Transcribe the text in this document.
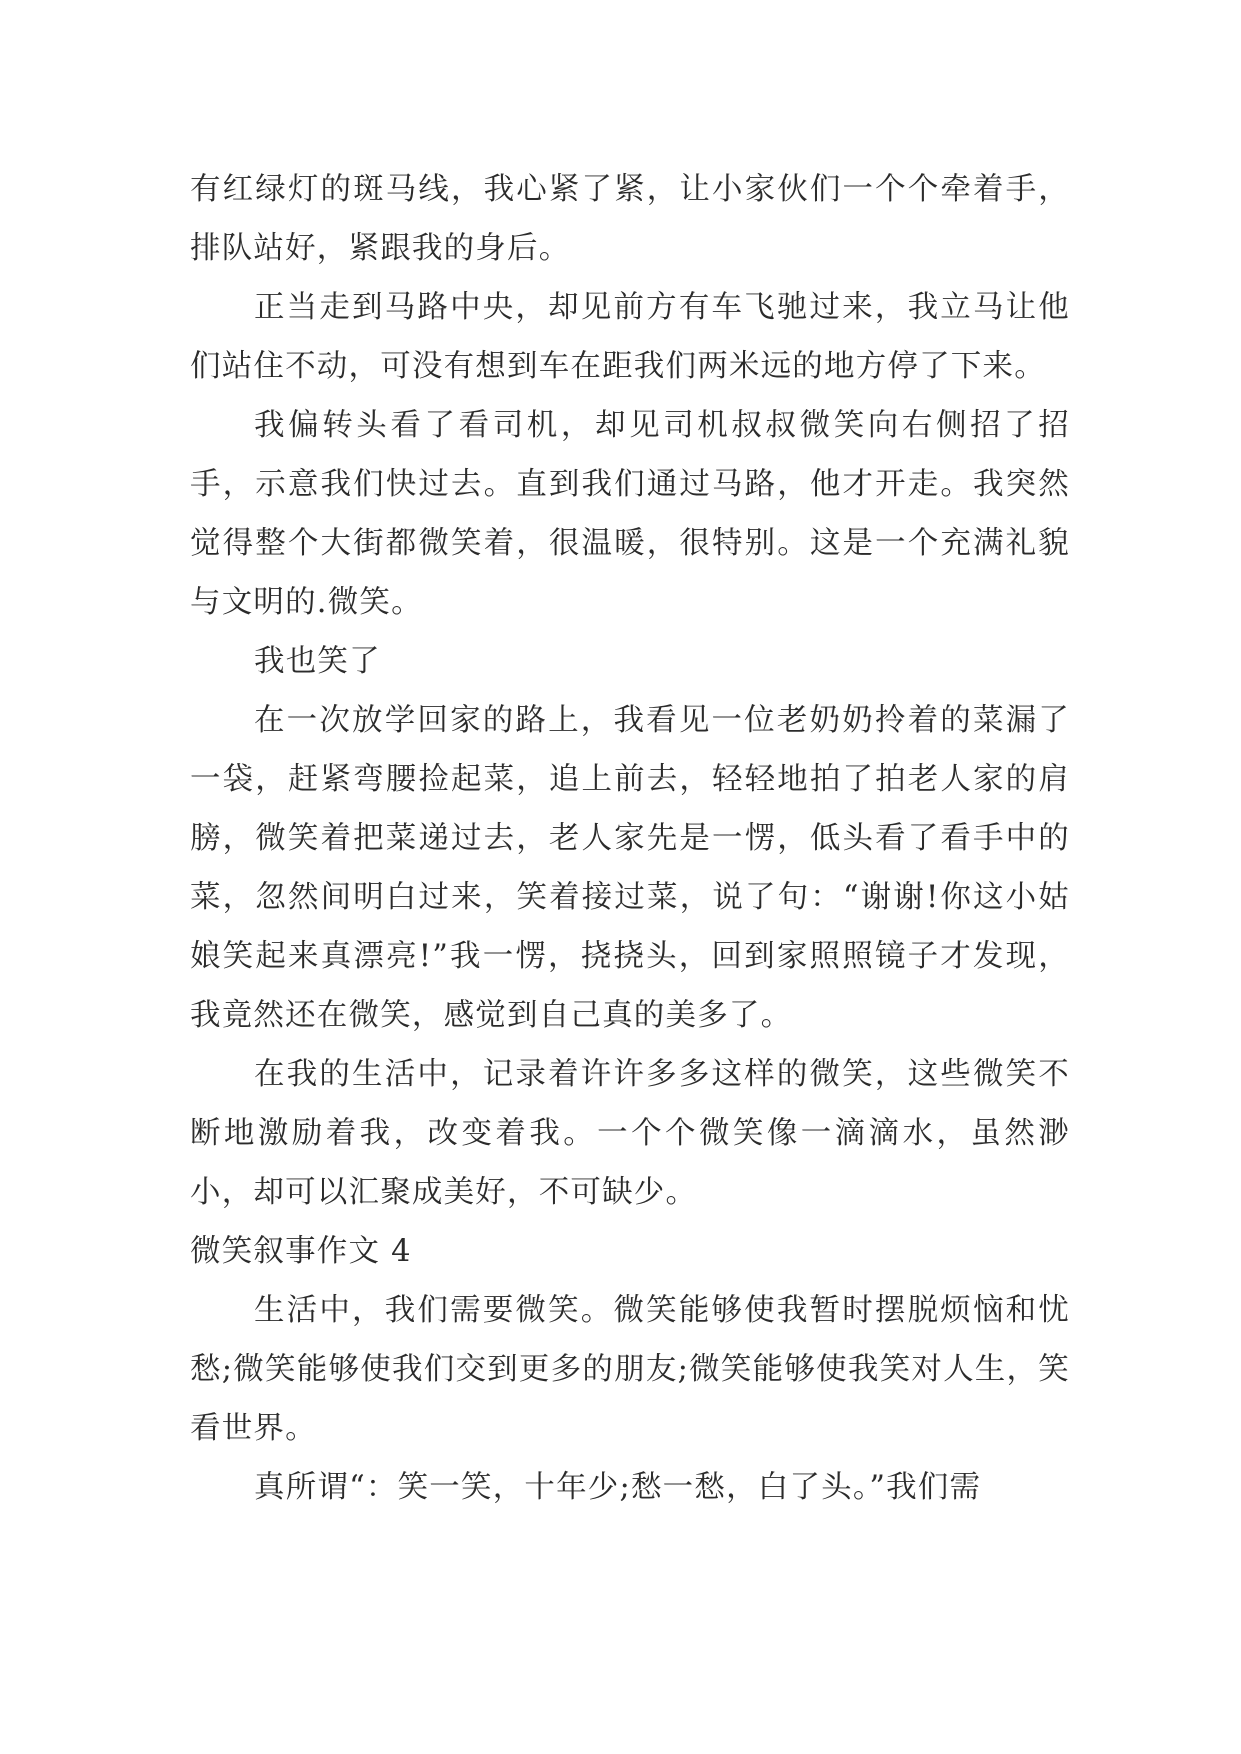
有红绿灯的斑马线，我心紧了紧，让小家伙们一个个牵着手，排队站好，紧跟我的身后。

正当走到马路中央，却见前方有车飞驰过来，我立马让他们站住不动，可没有想到车在距我们两米远的地方停了下来。

我偏转头看了看司机，却见司机叔叔微笑向右侧招了招手，示意我们快过去。直到我们通过马路，他才开走。我突然觉得整个大街都微笑着，很温暖，很特别。这是一个充满礼貌与文明的.微笑。

我也笑了

在一次放学回家的路上，我看见一位老奶奶拎着的菜漏了一袋，赶紧弯腰捡起菜，追上前去，轻轻地拍了拍老人家的肩膀，微笑着把菜递过去，老人家先是一愣，低头看了看手中的菜，忽然间明白过来，笑着接过菜，说了句：“谢谢!你这小姑娘笑起来真漂亮!”我一愣，挠挠头，回到家照照镜子才发现，我竟然还在微笑，感觉到自己真的美多了。

在我的生活中，记录着许许多多这样的微笑，这些微笑不断地激励着我，改变着我。一个个微笑像一滴滴水，虽然渺小，却可以汇聚成美好，不可缺少。

微笑叙事作文 4

生活中，我们需要微笑。微笑能够使我暂时摆脱烦恼和忧愁;微笑能够使我们交到更多的朋友;微笑能够使我笑对人生，笑看世界。

真所谓“：笑一笑，十年少;愁一愁，白了头。”我们需
